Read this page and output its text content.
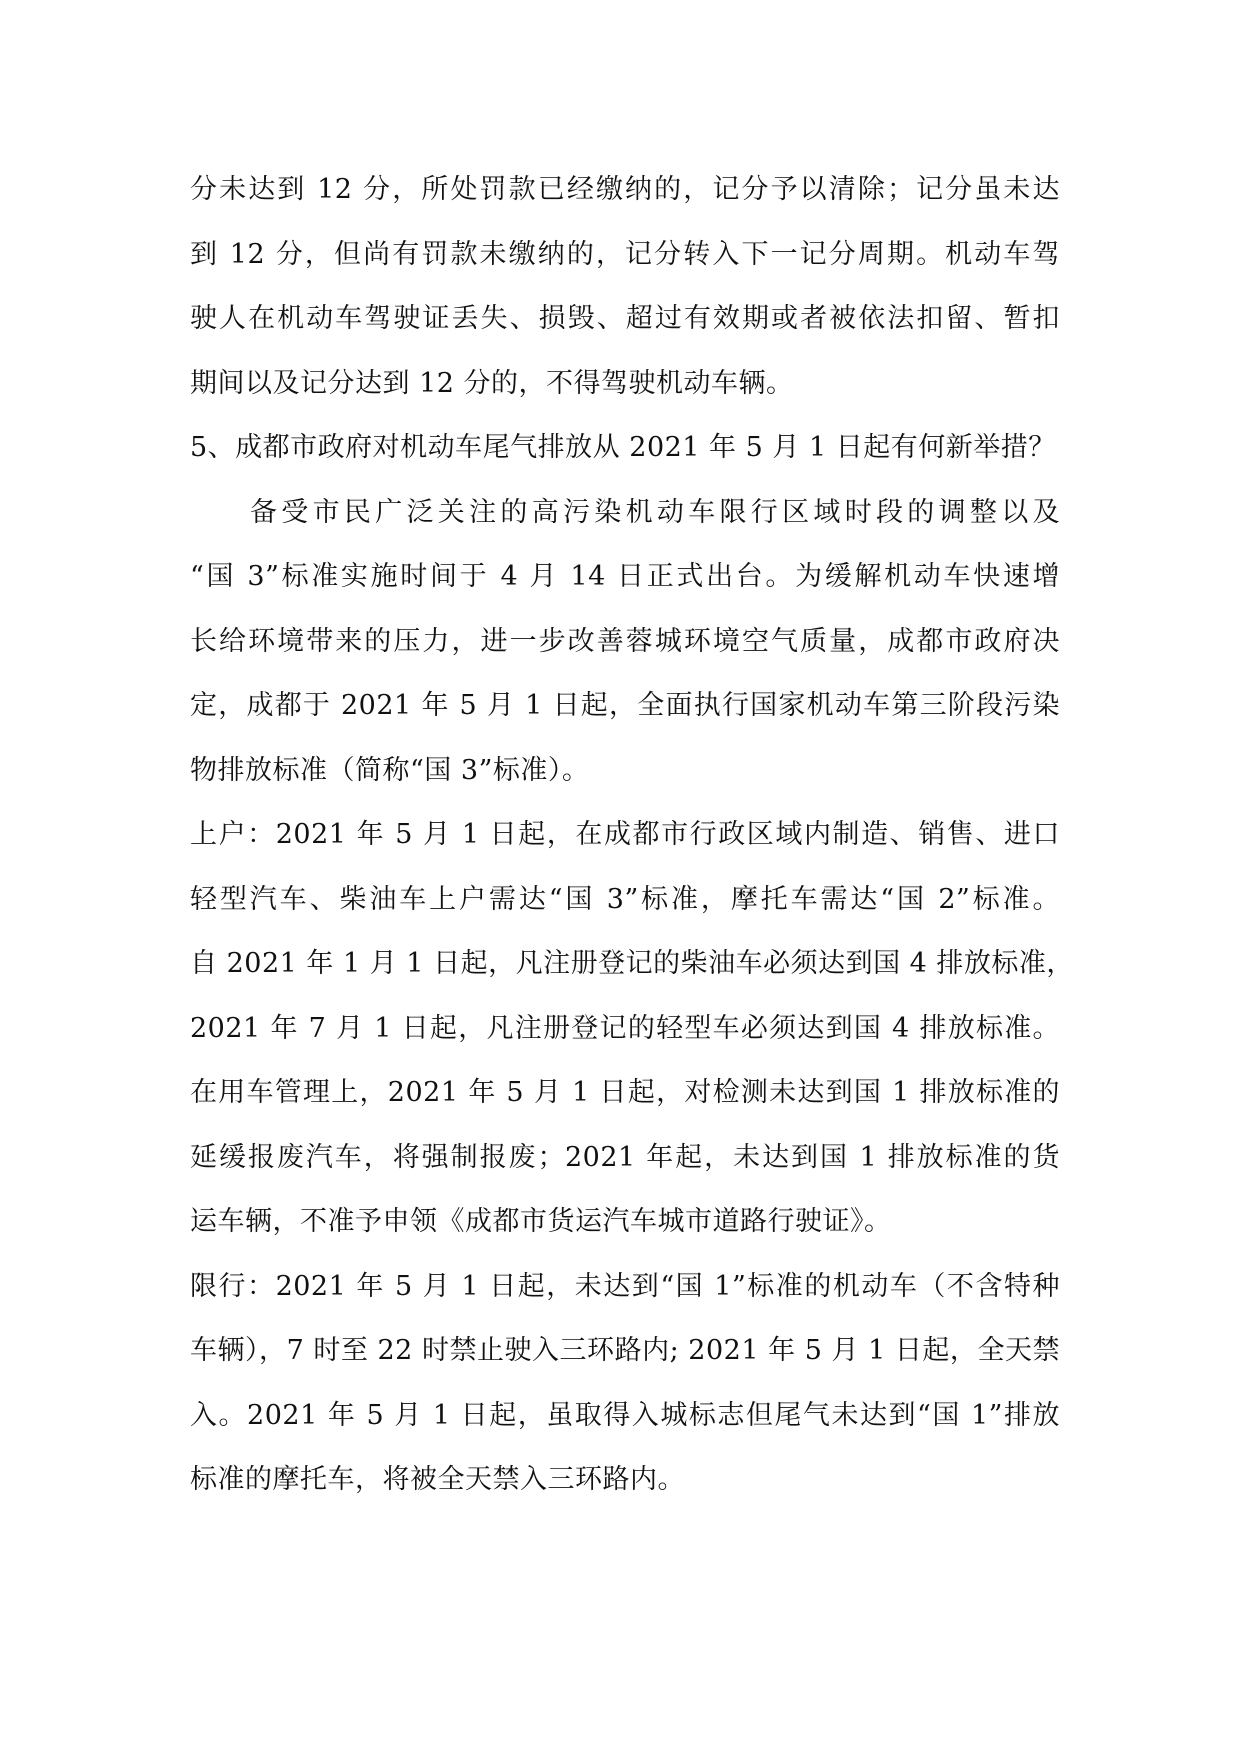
分未达到 12 分，所处罚款已经缴纳的，记分予以清除；记分虽未达
到 12 分，但尚有罚款未缴纳的，记分转入下一记分周期。机动车驾
驶人在机动车驾驶证丢失、损毁、超过有效期或者被依法扣留、暂扣
期间以及记分达到 12 分的，不得驾驶机动车辆。
5、成都市政府对机动车尾气排放从 2021 年 5 月 1 日起有何新举措？
备受市民广泛关注的高污染机动车限行区域时段的调整以及
“国 3”标准实施时间于 4 月 14 日正式出台。为缓解机动车快速增
长给环境带来的压力，进一步改善蓉城环境空气质量，成都市政府决
定，成都于 2021 年 5 月 1 日起，全面执行国家机动车第三阶段污染
物排放标准（简称“国 3”标准）。
上户：2021 年 5 月 1 日起，在成都市行政区域内制造、销售、进口
轻型汽车、柴油车上户需达“国 3”标准，摩托车需达“国 2”标准。
自 2021 年 1 月 1 日起，凡注册登记的柴油车必须达到国 4 排放标准，
2021 年 7 月 1 日起，凡注册登记的轻型车必须达到国 4 排放标准。
在用车管理上，2021 年 5 月 1 日起，对检测未达到国 1 排放标准的
延缓报废汽车，将强制报废；2021 年起，未达到国 1 排放标准的货
运车辆，不准予申领《成都市货运汽车城市道路行驶证》。
限行：2021 年 5 月 1 日起，未达到“国 1”标准的机动车（不含特种
车辆），7 时至 22 时禁止驶入三环路内; 2021 年 5 月 1 日起，全天禁
入。2021 年 5 月 1 日起，虽取得入城标志但尾气未达到“国 1”排放
标准的摩托车，将被全天禁入三环路内。
